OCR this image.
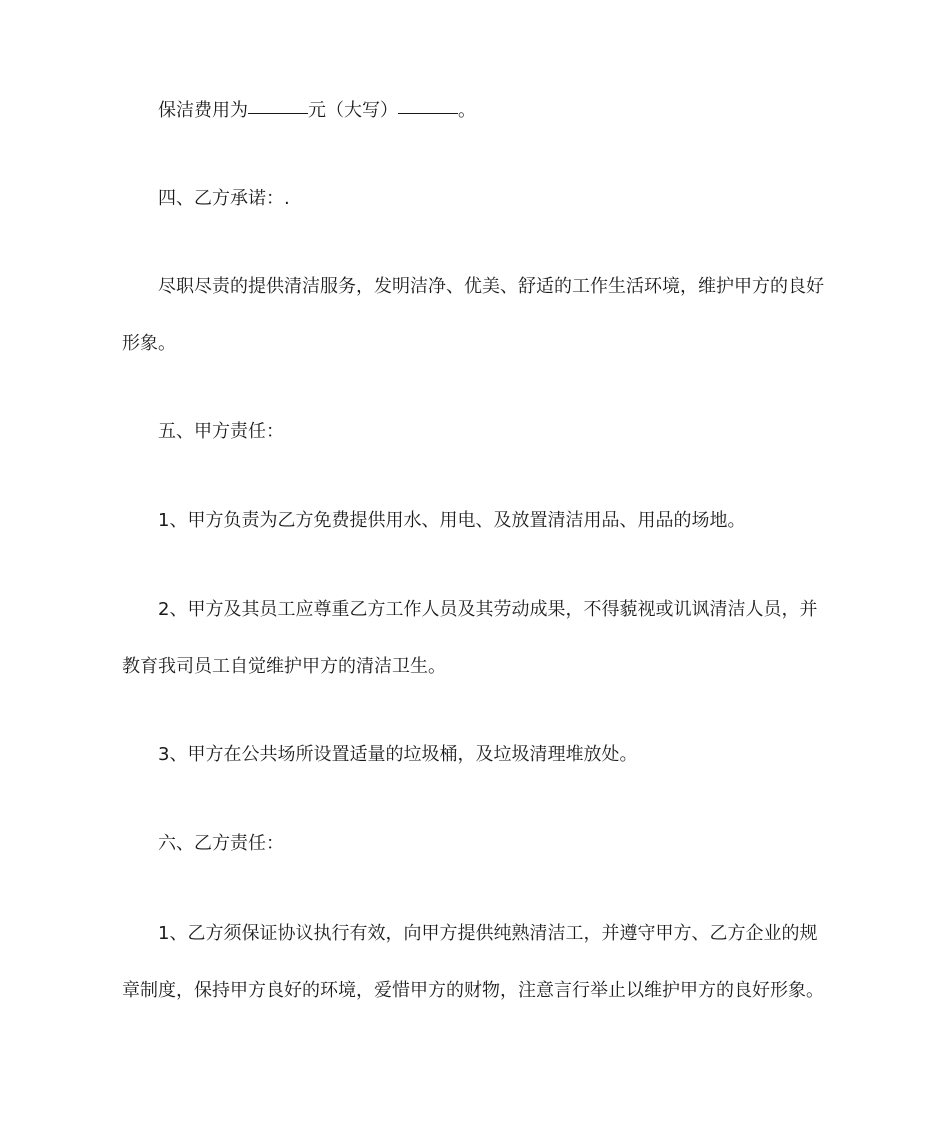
保洁费用为	元（大写）	。

四、乙方承诺：.

尽职尽责的提供清洁服务，发明洁净、优美、舒适的工作生活环境，维护甲方的良好
形象。

五、甲方责任：

1、甲方负责为乙方免费提供用水、用电、及放置清洁用品、用品的场地。

2、甲方及其员工应尊重乙方工作人员及其劳动成果，不得藐视或讥讽清洁人员，并
教育我司员工自觉维护甲方的清洁卫生。

3、甲方在公共场所设置适量的垃圾桶，及垃圾清理堆放处。

六、乙方责任：

1、乙方须保证协议执行有效，向甲方提供纯熟清洁工，并遵守甲方、乙方企业的规
章制度，保持甲方良好的环境，爱惜甲方的财物，注意言行举止以维护甲方的良好形象。
